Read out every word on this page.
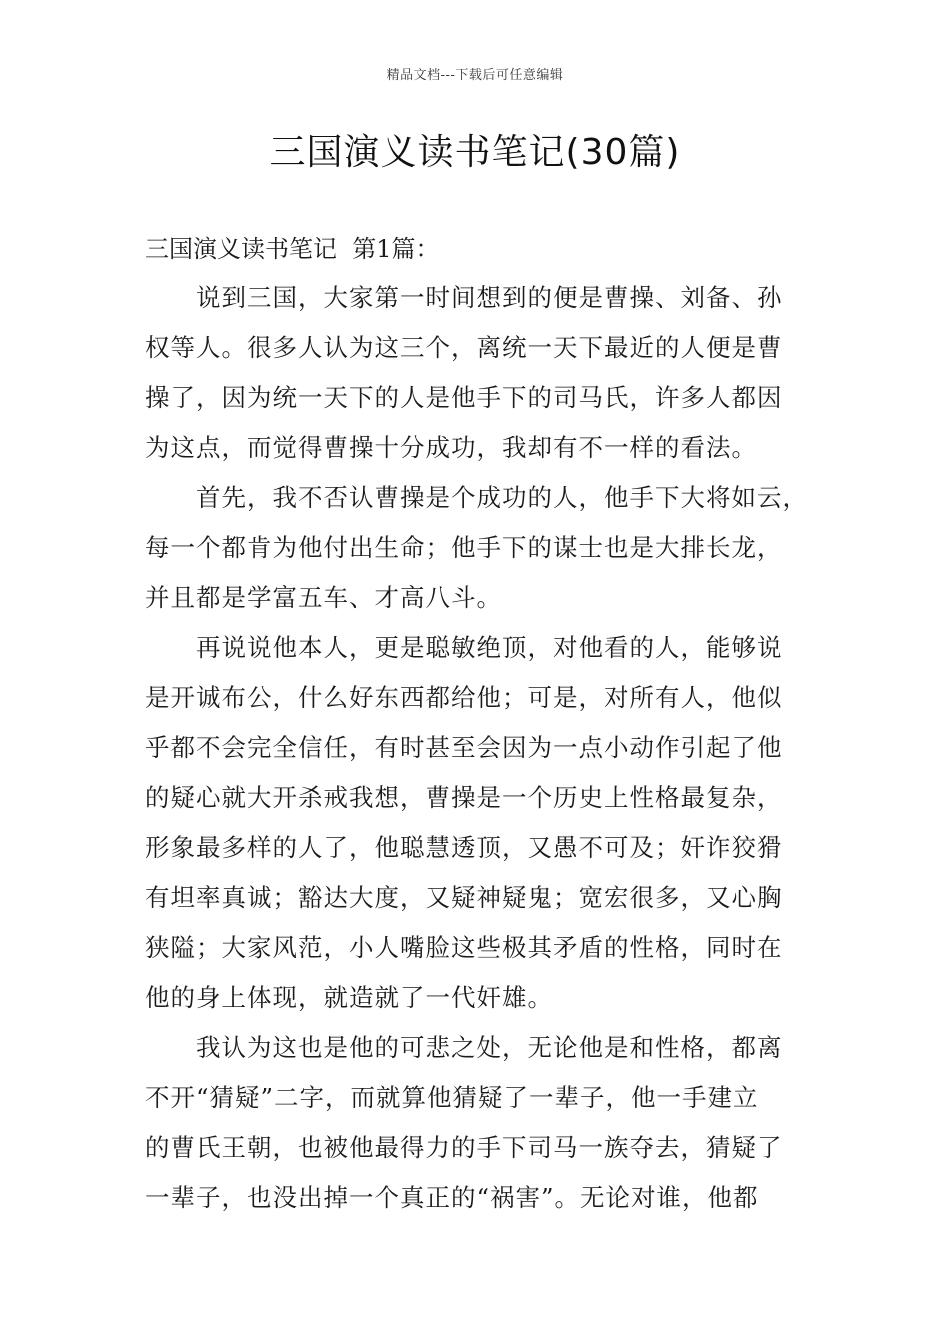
精品文档---下载后可任意编辑
三国演义读书笔记(30篇)
三国演义读书笔记  第1篇：
　　说到三国，大家第一时间想到的便是曹操、刘备、孙
权等人。很多人认为这三个，离统一天下最近的人便是曹
操了，因为统一天下的人是他手下的司马氏，许多人都因
为这点，而觉得曹操十分成功，我却有不一样的看法。
　　首先，我不否认曹操是个成功的人，他手下大将如云，
每一个都肯为他付出生命；他手下的谋士也是大排长龙，
并且都是学富五车、才高八斗。
　　再说说他本人，更是聪敏绝顶，对他看的人，能够说
是开诚布公，什么好东西都给他；可是，对所有人，他似
乎都不会完全信任，有时甚至会因为一点小动作引起了他
的疑心就大开杀戒我想，曹操是一个历史上性格最复杂，
形象最多样的人了，他聪慧透顶，又愚不可及；奸诈狡猾
有坦率真诚；豁达大度，又疑神疑鬼；宽宏很多，又心胸
狭隘；大家风范，小人嘴脸这些极其矛盾的性格，同时在
他的身上体现，就造就了一代奸雄。
　　我认为这也是他的可悲之处，无论他是和性格，都离
不开“猜疑”二字，而就算他猜疑了一辈子，他一手建立
的曹氏王朝，也被他最得力的手下司马一族夺去，猜疑了
一辈子，也没出掉一个真正的“祸害”。无论对谁，他都
